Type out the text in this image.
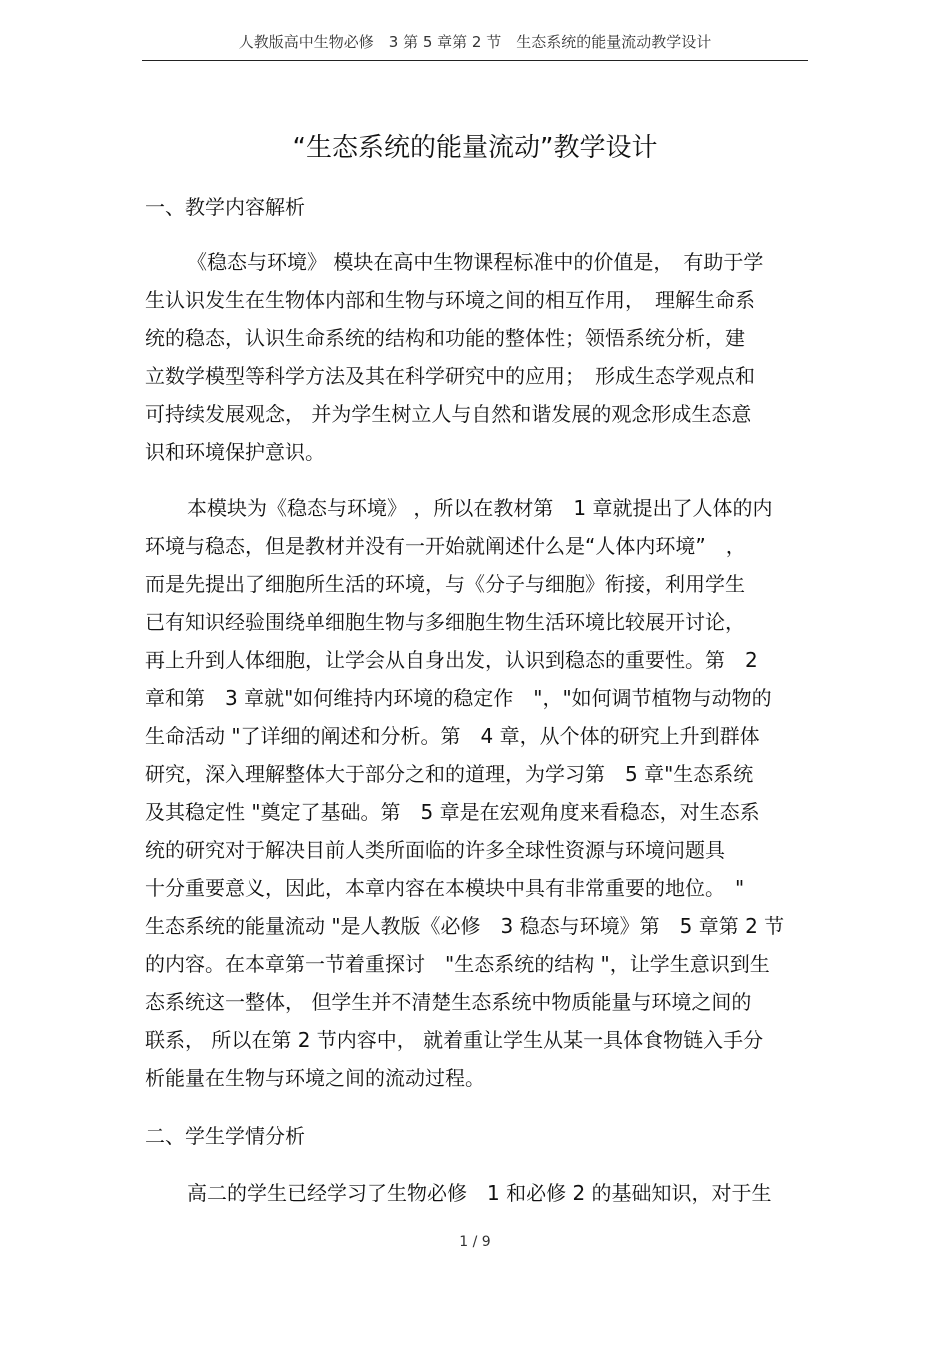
人教版高中生物必修　3 第 5 章第 2 节　生态系统的能量流动教学设计
“生态系统的能量流动”教学设计
一、教学内容解析
《稳态与环境》 模块在高中生物课程标准中的价值是，　有助于学
生认识发生在生物体内部和生物与环境之间的相互作用，　理解生命系
统的稳态，认识生命系统的结构和功能的整体性；领悟系统分析，建
立数学模型等科学方法及其在科学研究中的应用；　形成生态学观点和
可持续发展观念， 并为学生树立人与自然和谐发展的观念形成生态意
识和环境保护意识。
本模块为《稳态与环境》 ，所以在教材第　1 章就提出了人体的内
环境与稳态，但是教材并没有一开始就阐述什么是“人体内环境”　，
而是先提出了细胞所生活的环境，与《分子与细胞》衔接，利用学生
已有知识经验围绕单细胞生物与多细胞生物生活环境比较展开讨论，
再上升到人体细胞，让学会从自身出发，认识到稳态的重要性。第　2
章和第　3 章就"如何维持内环境的稳定作　"，"如何调节植物与动物的
生命活动 "了详细的阐述和分析。第　4 章，从个体的研究上升到群体
研究，深入理解整体大于部分之和的道理，为学习第　5 章"生态系统
及其稳定性 "奠定了基础。第　5 章是在宏观角度来看稳态，对生态系
统的研究对于解决目前人类所面临的许多全球性资源与环境问题具
十分重要意义，因此，本章内容在本模块中具有非常重要的地位。　"
生态系统的能量流动 "是人教版《必修　3 稳态与环境》第　5 章第 2 节
的内容。在本章第一节着重探讨　"生态系统的结构 "，让学生意识到生
态系统这一整体， 但学生并不清楚生态系统中物质能量与环境之间的
联系， 所以在第 2 节内容中， 就着重让学生从某一具体食物链入手分
析能量在生物与环境之间的流动过程。
二、学生学情分析
高二的学生已经学习了生物必修　1 和必修 2 的基础知识，对于生
1 / 9
